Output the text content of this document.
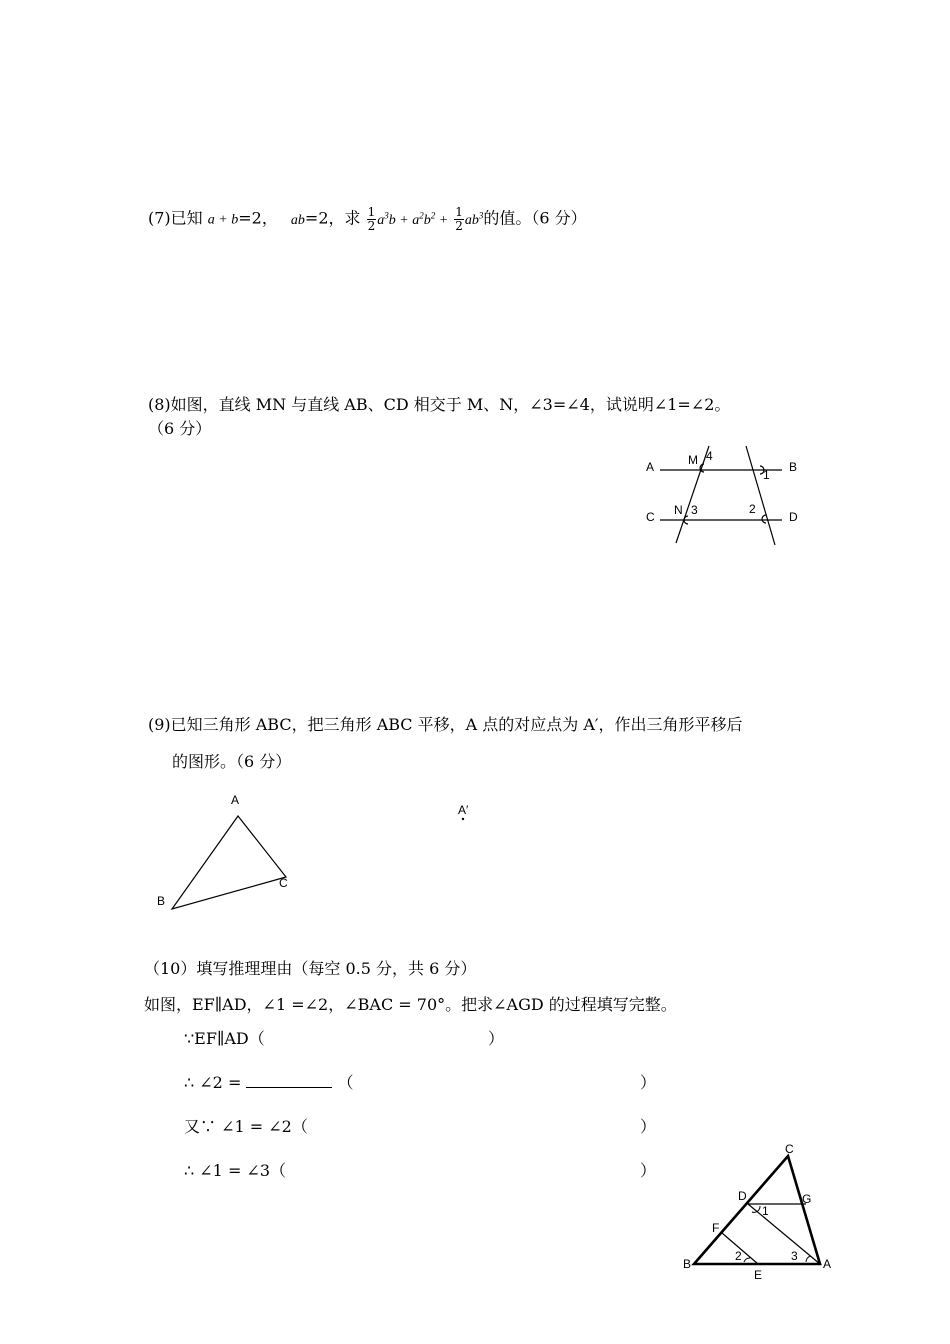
(7)已知 a + b=2， ab=2，求 $\frac{1}{2} a^3b + a^2b^2 + \frac{1}{2} ab^3$的值。（6 分）
(8)如图，直线 MN 与直线 AB、CD 相交于 M、N，∠3=∠4，试说明∠1=∠2。
（6 分）
(9)已知三角形 ABC，把三角形 ABC 平移，A 点的对应点为 A′，作出三角形平移后
的图形。（6 分）
（10）填写推理理由（每空 0.5 分，共 6 分）
如图，EF∥AD，∠1 =∠2，∠BAC = 70°。把求∠AGD 的过程填写完整。
∵EF∥AD（	）
∴ ∠2 =	（	）
又∵ ∠1 = ∠2（	）
∴ ∠1 = ∠3（	）
A	B
C	D
M
N
4
1
3	2
A
B
C
A′
C
D	G
F
B	A
E
1
2	3
